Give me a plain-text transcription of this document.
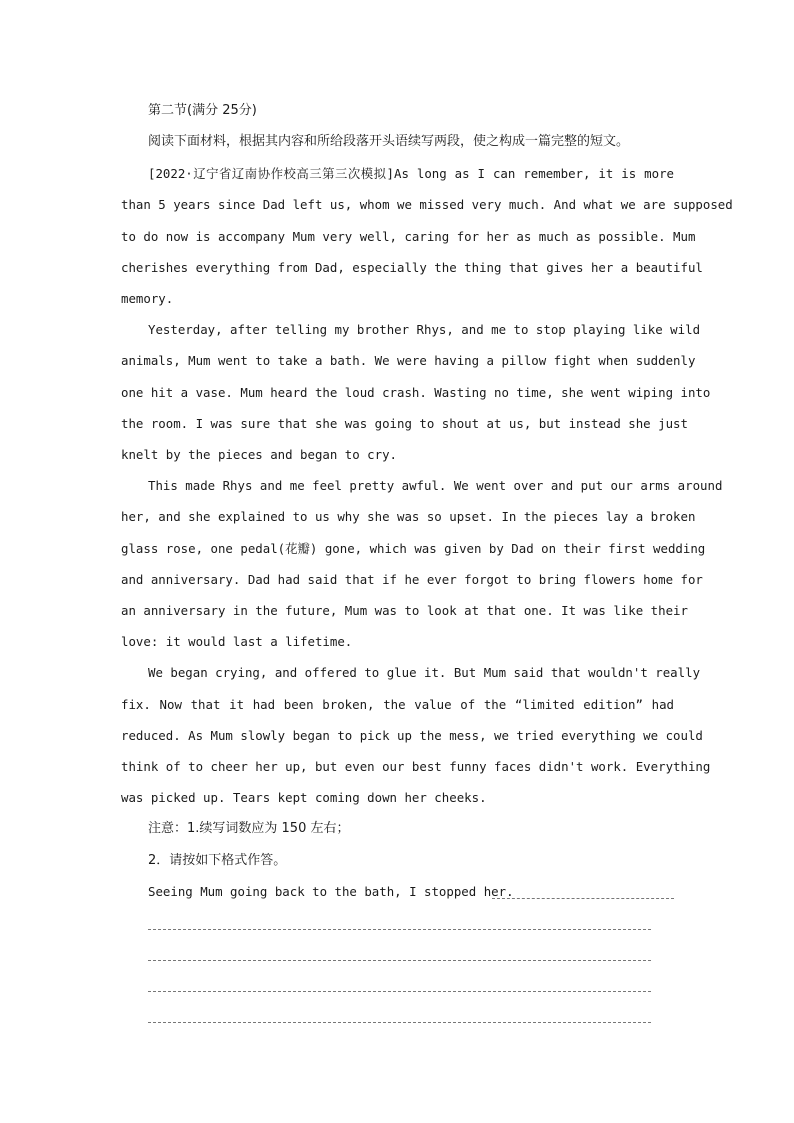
第二节(满分 25分)
阅读下面材料，根据其内容和所给段落开头语续写两段，使之构成一篇完整的短文。
[2022·辽宁省辽南协作校高三第三次模拟]As long as I can remember, it is more
than 5 years since Dad left us, whom we missed very much. And what we are supposed
to do now is accompany Mum very well, caring for her as much as possible. Mum
cherishes everything from Dad, especially the thing that gives her a beautiful
memory.
Yesterday, after telling my brother Rhys, and me to stop playing like wild
animals, Mum went to take a bath. We were having a pillow fight when suddenly
one hit a vase. Mum heard the loud crash. Wasting no time, she went wiping into
the room. I was sure that she was going to shout at us, but instead she just
knelt by the pieces and began to cry.
This made Rhys and me feel pretty awful. We went over and put our arms around
her, and she explained to us why she was so upset. In the pieces lay a broken
glass rose, one pedal(花瓣) gone, which was given by Dad on their first wedding
and anniversary. Dad had said that if he ever forgot to bring flowers home for
an anniversary in the future, Mum was to look at that one. It was like their
love: it would last a lifetime.
We began crying, and offered to glue it. But Mum said that wouldn't really
fix. Now that it had been broken, the value of the “limited edition” had
reduced. As Mum slowly began to pick up the mess, we tried everything we could
think of to cheer her up, but even our best funny faces didn't work. Everything
was picked up. Tears kept coming down her cheeks.
注意：1.续写词数应为 150 左右；
2．请按如下格式作答。
Seeing Mum going back to the bath, I stopped her.
